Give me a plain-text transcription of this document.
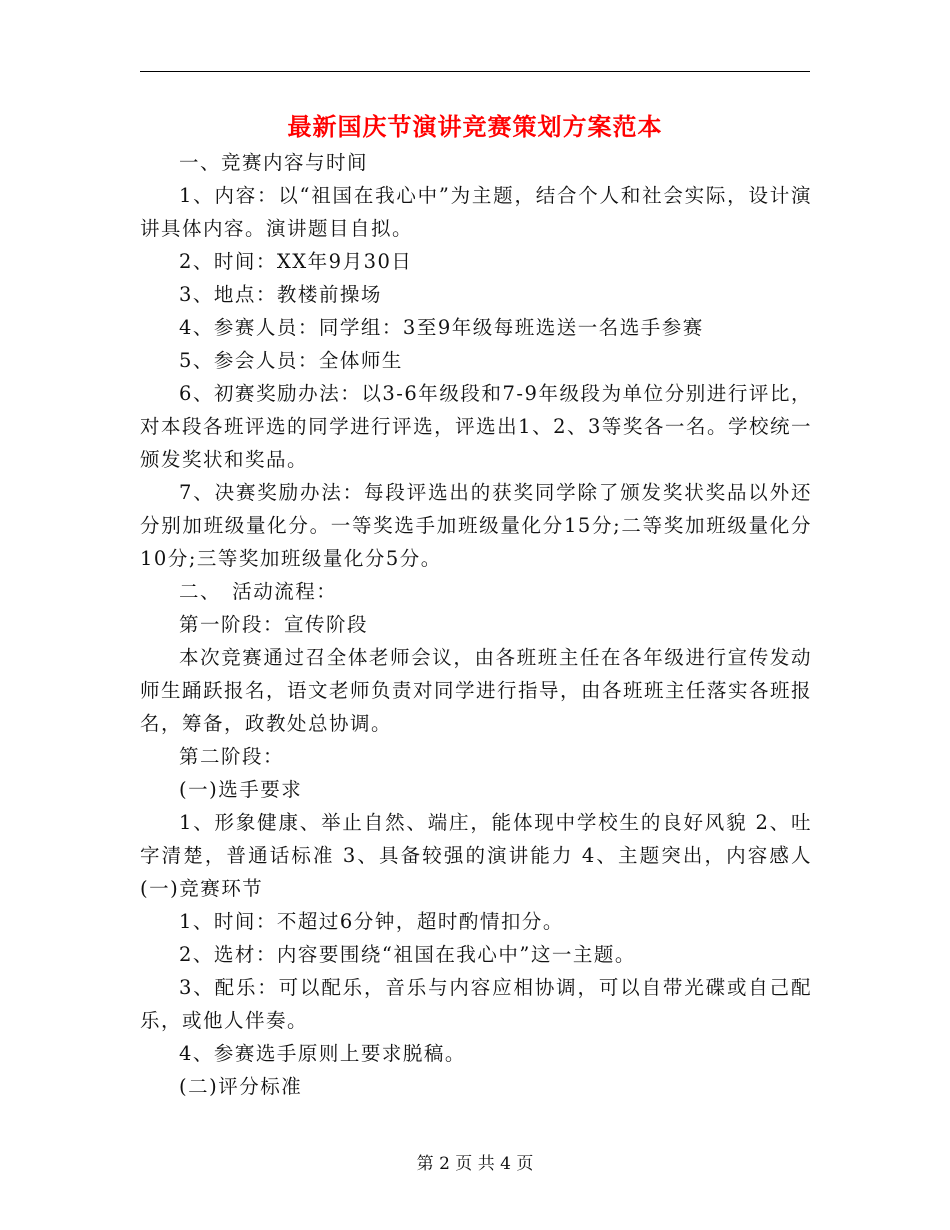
最新国庆节演讲竞赛策划方案范本

一、竞赛内容与时间

1、内容：以“祖国在我心中”为主题，结合个人和社会实际，设计演讲具体内容。演讲题目自拟。

2、时间：XX年9月30日

3、地点：教楼前操场

4、参赛人员：同学组：3至9年级每班选送一名选手参赛

5、参会人员：全体师生

6、初赛奖励办法：以3-6年级段和7-9年级段为单位分别进行评比，对本段各班评选的同学进行评选，评选出1、2、3等奖各一名。学校统一颁发奖状和奖品。

7、决赛奖励办法：每段评选出的获奖同学除了颁发奖状奖品以外还分别加班级量化分。一等奖选手加班级量化分15分;二等奖加班级量化分10分;三等奖加班级量化分5分。

二、　活动流程：

第一阶段：宣传阶段

本次竞赛通过召全体老师会议，由各班班主任在各年级进行宣传发动师生踊跃报名，语文老师负责对同学进行指导，由各班班主任落实各班报名，筹备，政教处总协调。

第二阶段：

(一)选手要求

1、形象健康、举止自然、端庄，能体现中学校生的良好风貌 2、吐字清楚，普通话标准 3、具备较强的演讲能力 4、主题突出，内容感人 (一)竞赛环节

1、时间：不超过6分钟，超时酌情扣分。

2、选材：内容要围绕“祖国在我心中”这一主题。

3、配乐：可以配乐，音乐与内容应相协调，可以自带光碟或自己配乐，或他人伴奏。

4、参赛选手原则上要求脱稿。

(二)评分标准

第 2 页 共 4 页
